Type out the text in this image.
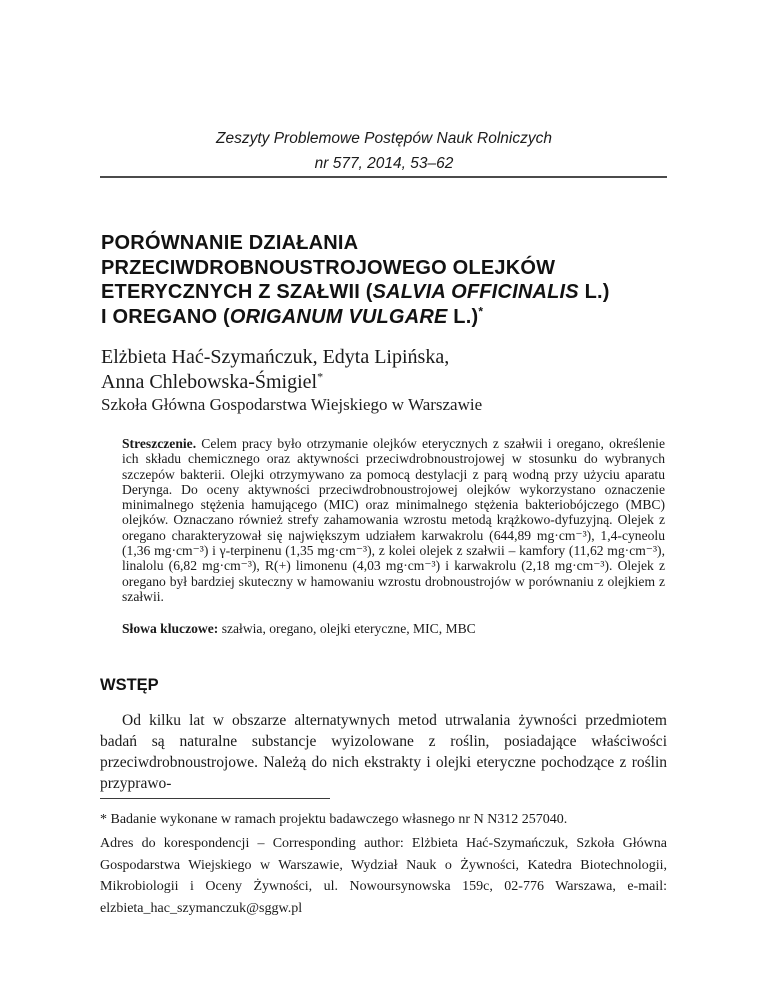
Zeszyty Problemowe Postępów Nauk Rolniczych
nr 577, 2014, 53–62
PORÓWNANIE DZIAŁANIA
PRZECIWDROBNOUSTROJOWEGO OLEJKÓW
ETERYCZNYCH Z SZAŁWII (SALVIA OFFICINALIS L.)
I OREGANO (ORIGANUM VULGARE L.)*
Elżbieta Hać-Szymańczuk, Edyta Lipińska,
Anna Chlebowska-Śmigiel*
Szkoła Główna Gospodarstwa Wiejskiego w Warszawie

Streszczenie. Celem pracy było otrzymanie olejków eterycznych z szałwii i oregano, określenie ich składu chemicznego oraz aktywności przeciwdrobnoustrojowej w stosunku do wybranych szczepów bakterii. Olejki otrzymywano za pomocą destylacji z parą wodną przy użyciu aparatu Derynga. Do oceny aktywności przeciwdrobnoustrojowej olejków wykorzystano oznaczenie minimalnego stężenia hamującego (MIC) oraz minimalnego stężenia bakteriobójczego (MBC) olejków. Oznaczano również strefy zahamowania wzrostu metodą krążkowo-dyfuzyjną. Olejek z oregano charakteryzował się największym udziałem karwakrolu (644,89 mg·cm⁻³), 1,4-cyneolu (1,36 mg·cm⁻³) i γ-terpinenu (1,35 mg·cm⁻³), z kolei olejek z szałwii – kamfory (11,62 mg·cm⁻³), linalolu (6,82 mg·cm⁻³), R(+) limonenu (4,03 mg·cm⁻³) i karwakrolu (2,18 mg·cm⁻³). Olejek z oregano był bardziej skuteczny w hamowaniu wzrostu drobnoustrojów w porównaniu z olejkiem z szałwii.

Słowa kluczowe: szałwia, oregano, olejki eteryczne, MIC, MBC

WSTĘP

Od kilku lat w obszarze alternatywnych metod utrwalania żywności przedmiotem badań są naturalne substancje wyizolowane z roślin, posiadające właściwości przeciwdrobnoustrojowe. Należą do nich ekstrakty i olejki eteryczne pochodzące z roślin przyprawo-

* Badanie wykonane w ramach projektu badawczego własnego nr N N312 257040.

Adres do korespondencji – Corresponding author: Elżbieta Hać-Szymańczuk, Szkoła Główna Gospodarstwa Wiejskiego w Warszawie, Wydział Nauk o Żywności, Katedra Biotechnologii, Mikrobiologii i Oceny Żywności, ul. Nowoursynowska 159c, 02-776 Warszawa, e-mail: elzbieta_hac_szymanczuk@sggw.pl
